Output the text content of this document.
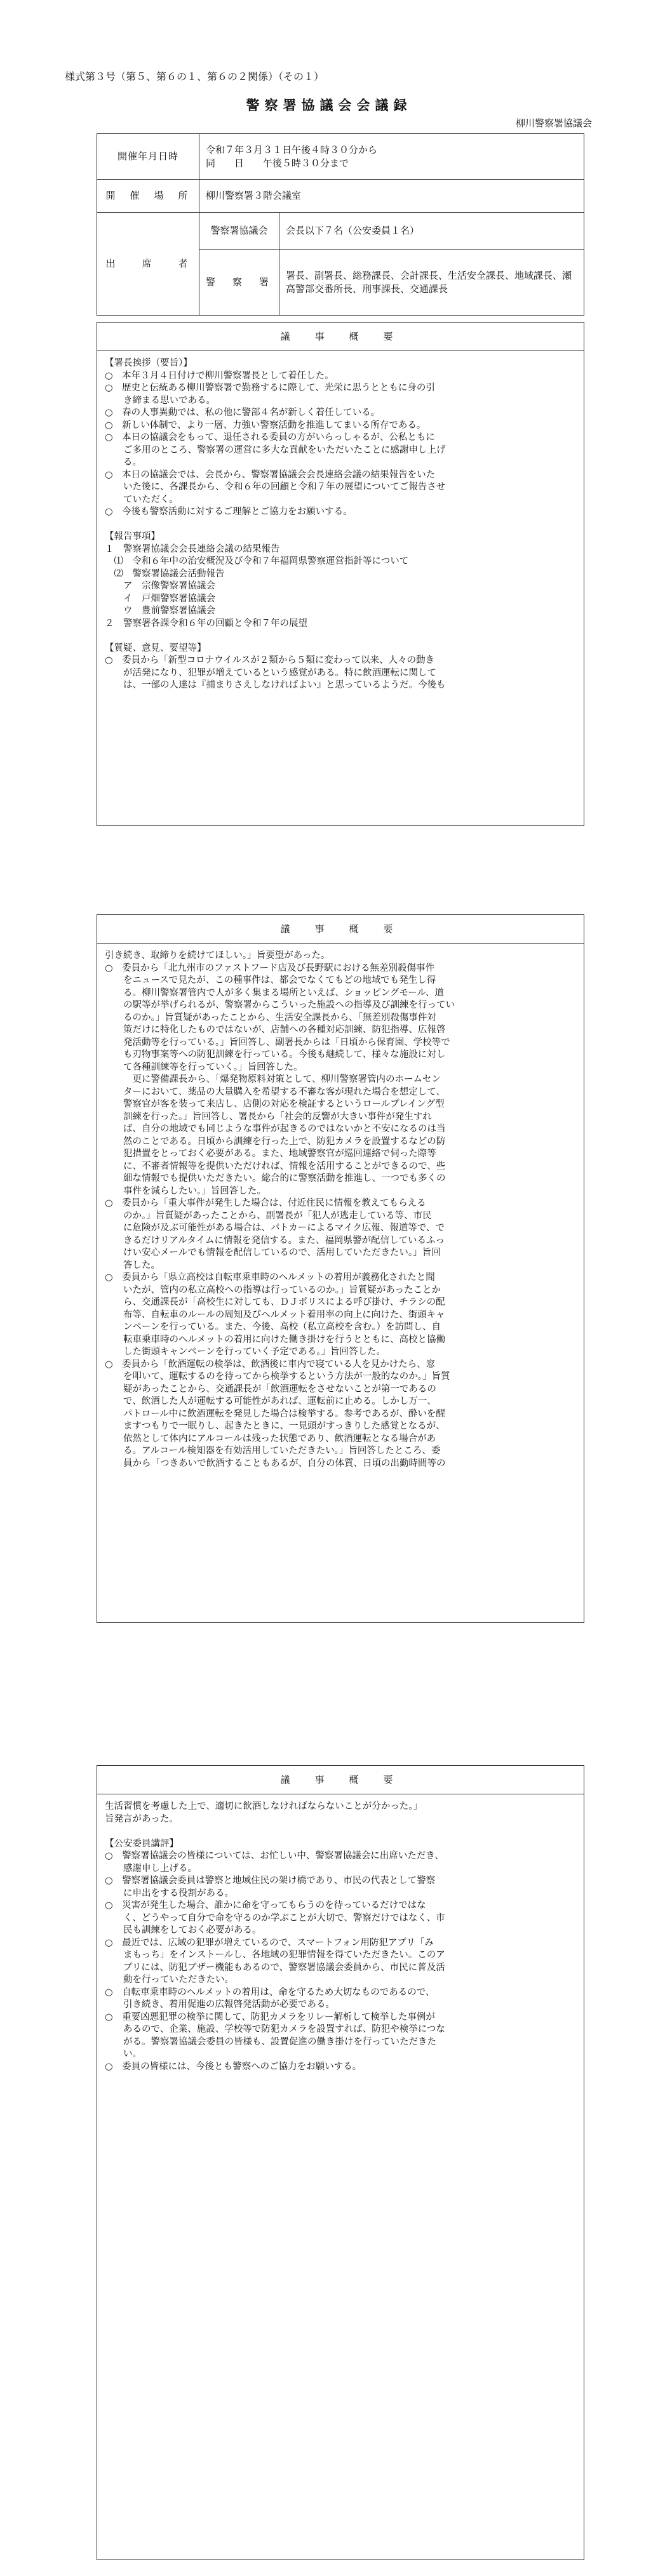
様式第３号（第５、第６の１、第６の２関係）（その１）
警察署協議会会議録
柳川警察署協議会
開催年月日時	令和７年３月３１日午後４時３０分から
同　　日　　午後５時３０分まで	

開　催　場　所	柳川警察署３階会議室	
出　　席　　者	警察署協議会	会長以下７名（公安委員１名）
	警　察　署	署長、副署長、総務課長、会計課長、生活安全課長、地域課長、瀬高警部交番所長、刑事課長、交通課長
議　事　概　要
【署長挨拶（要旨）】
○　本年３月４日付けで柳川警察署長として着任した。
○　歴史と伝統ある柳川警察署で勤務するに際して、光栄に思うとともに身の引
　　き締まる思いである。
○　春の人事異動では、私の他に警部４名が新しく着任している。
○　新しい体制で、より一層、力強い警察活動を推進してまいる所存である。
○　本日の協議会をもって、退任される委員の方がいらっしゃるが、公私ともに
　　ご多用のところ、警察署の運営に多大な貢献をいただいたことに感謝申し上げ
　　る。
○　本日の協議会では、会長から、警察署協議会会長連絡会議の結果報告をいた
　　いた後に、各課長から、令和６年の回顧と令和７年の展望についてご報告させ
　　ていただく。
○　今後も警察活動に対するご理解とご協力をお願いする。
【報告事項】
１　警察署協議会会長連絡会議の結果報告
　⑴　令和６年中の治安概況及び令和７年福岡県警察運営指針等について
　⑵　警察署協議会活動報告
　　ア　宗像警察署協議会
　　イ　戸畑警察署協議会
　　ウ　豊前警察署協議会
２　警察署各課令和６年の回顧と令和７年の展望
【質疑、意見、要望等】
○　委員から「新型コロナウイルスが２類から５類に変わって以来、人々の動き
　　が活発になり、犯罪が増えているという感覚がある。特に飲酒運転に関して
　　は、一部の人達は『捕まりさえしなければよい』と思っているようだ。今後も
議　事　概　要
引き続き、取締りを続けてほしい。」旨要望があった。
○　委員から「北九州市のファストフード店及び長野駅における無差別殺傷事件
　　をニュースで見たが、この種事件は、都会でなくてもどの地域でも発生し得
　　る。柳川警察署管内で人が多く集まる場所といえば、ショッピングモール、道
　　の駅等が挙げられるが、警察署からこういった施設への指導及び訓練を行ってい
　　るのか。」旨質疑があったことから、生活安全課長から、「無差別殺傷事件対
　　策だけに特化したものではないが、店舗への各種対応訓練、防犯指導、広報啓
　　発活動等を行っている。」旨回答し、副署長からは「日頃から保育園、学校等で
　　も刃物事案等への防犯訓練を行っている。今後も継続して、様々な施設に対し
　　て各種訓練等を行っていく。」旨回答した。
　　　更に警備課長から、「爆発物原料対策として、柳川警察署管内のホームセン
　　ターにおいて、薬品の大量購入を希望する不審な客が現れた場合を想定して、
　　警察官が客を装って来店し、店側の対応を検証するというロールプレイング型
　　訓練を行った。」旨回答し、署長から「社会的反響が大きい事件が発生すれ
　　ば、自分の地域でも同じような事件が起きるのではないかと不安になるのは当
　　然のことである。日頃から訓練を行った上で、防犯カメラを設置するなどの防
　　犯措置をとっておく必要がある。また、地域警察官が巡回連絡で伺った際等
　　に、不審者情報等を提供いただければ、情報を活用することができるので、些
　　細な情報でも提供いただきたい。総合的に警察活動を推進し、一つでも多くの
　　事件を減らしたい。」旨回答した。
○　委員から「重大事件が発生した場合は、付近住民に情報を教えてもらえる
　　のか。」旨質疑があったことから、副署長が「犯人が逃走している等、市民
　　に危険が及ぶ可能性がある場合は、パトカーによるマイク広報、報道等で、で
　　きるだけリアルタイムに情報を発信する。また、福岡県警が配信しているふっ
　　けい安心メールでも情報を配信しているので、活用していただきたい。」旨回
　　答した。
○　委員から「県立高校は自転車乗車時のヘルメットの着用が義務化されたと聞
　　いたが、管内の私立高校への指導は行っているのか。」旨質疑があったことか
　　ら、交通課長が「高校生に対しても、ＤＪポリスによる呼び掛け、チラシの配
　　布等、自転車のルールの周知及びヘルメット着用率の向上に向けた、街頭キャ
　　ンペーンを行っている。また、今後、高校（私立高校を含む。）を訪問し、自
　　転車乗車時のヘルメットの着用に向けた働き掛けを行うとともに、高校と協働
　　した街頭キャンペーンを行っていく予定である。」旨回答した。
○　委員から「飲酒運転の検挙は、飲酒後に車内で寝ている人を見かけたら、窓
　　を叩いて、運転するのを待ってから検挙するという方法が一般的なのか。」旨質
　　疑があったことから、交通課長が「飲酒運転をさせないことが第一であるの
　　で、飲酒した人が運転する可能性があれば、運転前に止める。しかし万一、
　　パトロール中に飲酒運転を発見した場合は検挙する。参考であるが、酔いを醒
　　ますつもりで一眠りし、起きたときに、一見頭がすっきりした感覚となるが、
　　依然として体内にアルコールは残った状態であり、飲酒運転となる場合があ
　　る。アルコール検知器を有効活用していただきたい。」旨回答したところ、委
　　員から「つきあいで飲酒することもあるが、自分の体質、日頃の出勤時間等の
議　事　概　要
生活習慣を考慮した上で、適切に飲酒しなければならないことが分かった。」
旨発言があった。
【公安委員講評】
○　警察署協議会の皆様については、お忙しい中、警察署協議会に出席いただき、
　　感謝申し上げる。
○　警察署協議会委員は警察と地域住民の架け橋であり、市民の代表として警察
　　に申出をする役割がある。
○　災害が発生した場合、誰かに命を守ってもらうのを待っているだけではな
　　く、どうやって自分で命を守るのか学ぶことが大切で、警察だけではなく、市
　　民も訓練をしておく必要がある。
○　最近では、広域の犯罪が増えているので、スマートフォン用防犯アプリ「み
　　まもっち」をインストールし、各地域の犯罪情報を得ていただきたい。このア
　　プリには、防犯ブザー機能もあるので、警察署協議会委員から、市民に普及活
　　動を行っていただきたい。
○　自転車乗車時のヘルメットの着用は、命を守るため大切なものであるので、
　　引き続き、着用促進の広報啓発活動が必要である。
○　重要凶悪犯罪の検挙に関して、防犯カメラをリレー解析して検挙した事例が
　　あるので、企業、施設、学校等で防犯カメラを設置すれば、防犯や検挙につな
　　がる。警察署協議会委員の皆様も、設置促進の働き掛けを行っていただきた
　　い。
○　委員の皆様には、今後とも警察へのご協力をお願いする。
